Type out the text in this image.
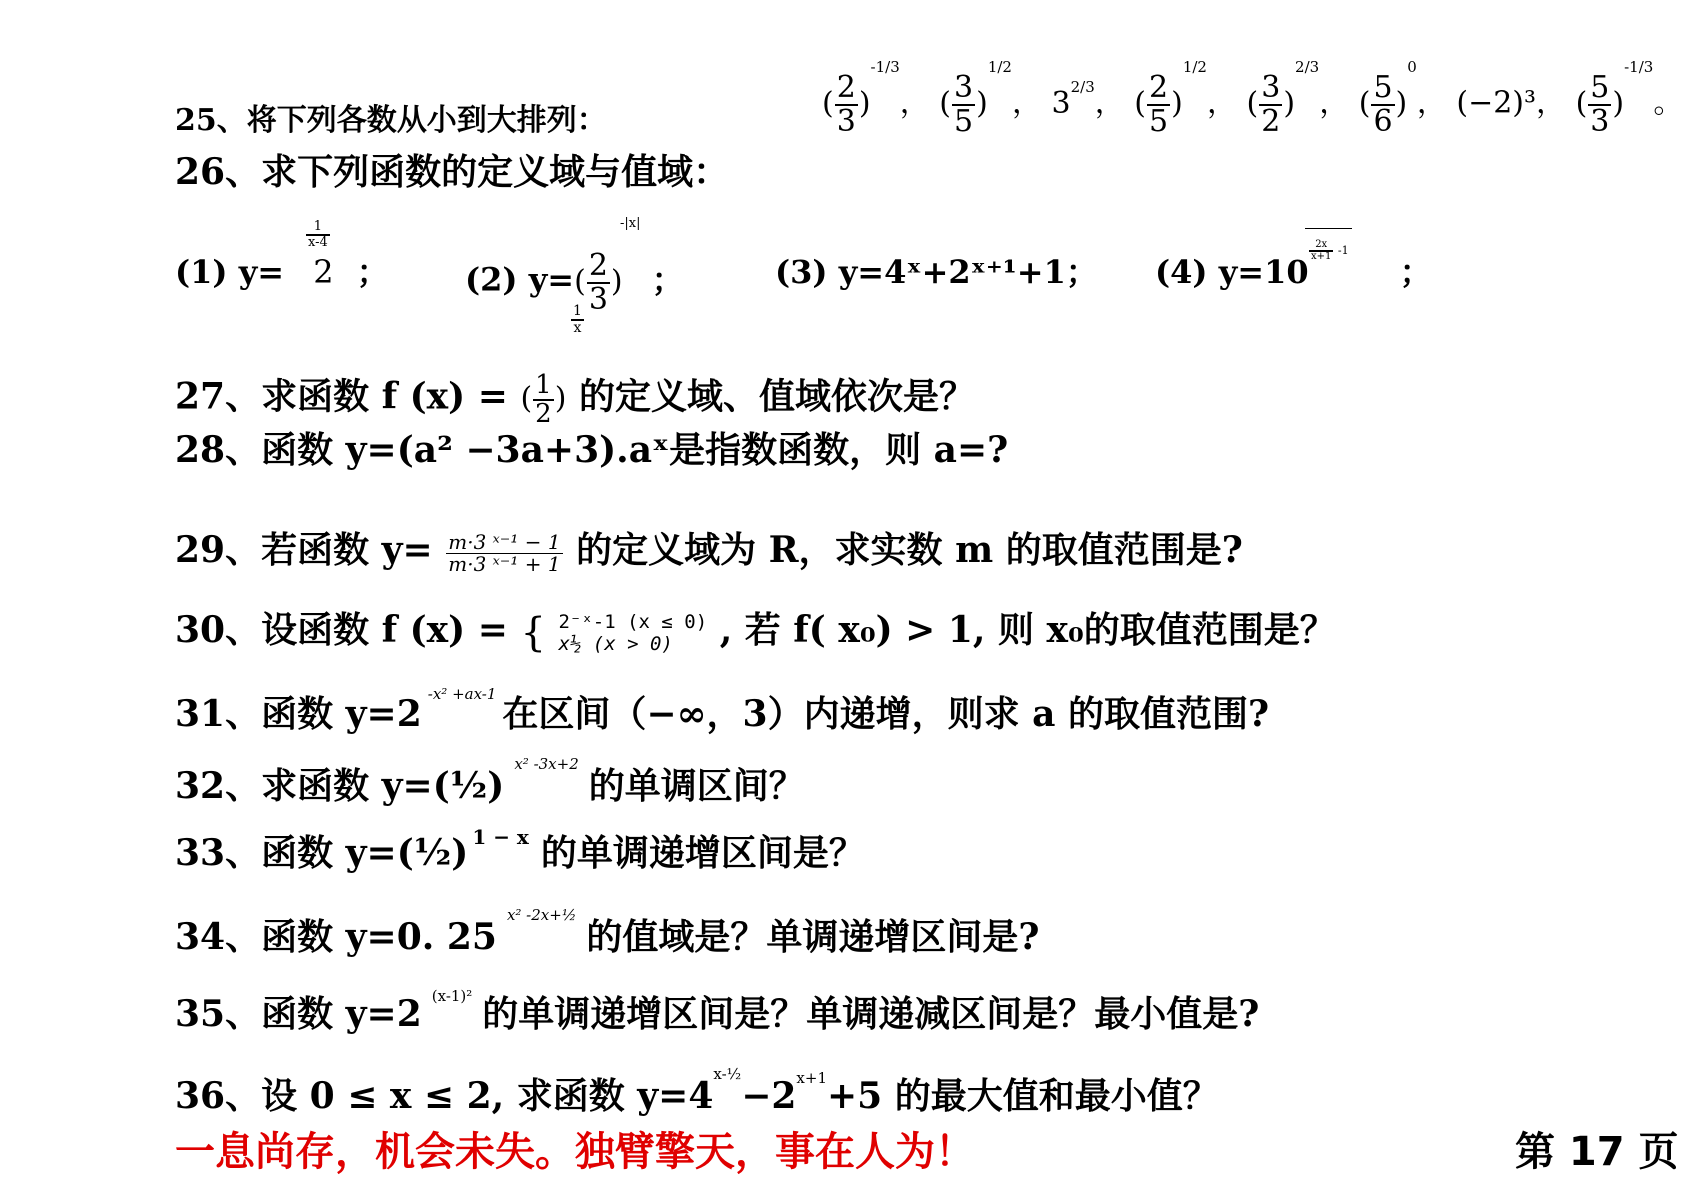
25、将下列各数从小到大排列：	( $\frac{2}{3} )^{-1/3}$， ( $\frac{3}{5} )^{1/2}$， $3^{2/3}$， ( $\frac{2}{5} )^{1/2}$， ( $\frac{3}{2} )^{2/3}$， ( $\frac{5}{6} )^0$， (−2)³， ( $\frac{5}{3} )^{-1/3}$。
26、求下列函数的定义域与值域：
(1) y= 2
$\frac{1}{x-4}$
； (2) $y=( \frac{2}{3}$ )
-|x|
；	(3) y=4ˣ+2ˣ⁺¹+1； (4) y=10
$\frac{2x}{x+1} -1$
；
27、求函数 f (x) = ( $\frac{1}{2}$ )
$\frac{1}{x}$
的定义域、值域依次是？
28、函数 y=(a² −3a+3).aˣ是指数函数，则 a=?
29、若函数 $y= \frac{\text{m·3 ˣ⁻¹ − 1}}{\text{m·3 ˣ⁻¹ + 1}}$ 的定义域为 R，求实数 m 的取值范围是?
30、设函数 f (x) = { 2⁻ˣ-1 (x ≤ 0)
x½ (x > 0)	, 若 f( x₀) > 1, 则 x₀的取值范围是？
31、函数 y=2 $^{-x^2 +ax-1}$ 在区间（−∞，3）内递增，则求 a 的取值范围?
32、求函数 y=(½)$^{x^2 -3x+2}$的单调区间？
33、函数 y=(½) $^{1 - x}$ 的单调递增区间是？
34、函数 y=0. $25^{x^2 -2x+\frac{1}{2}}$的值域是？单调递增区间是?
35、函数 y=2 $^{(x-1)^2}$ 的单调递增区间是？单调递减区间是？最小值是?
36、设 0 ≤ x ≤ 2, 求函数 $y=4^{x-\frac{1}{2}}-2^{x+1}+5$ 的最大值和最小值？
一息尚存，机会未失。独臂擎天，事在人为！	第 17 页
